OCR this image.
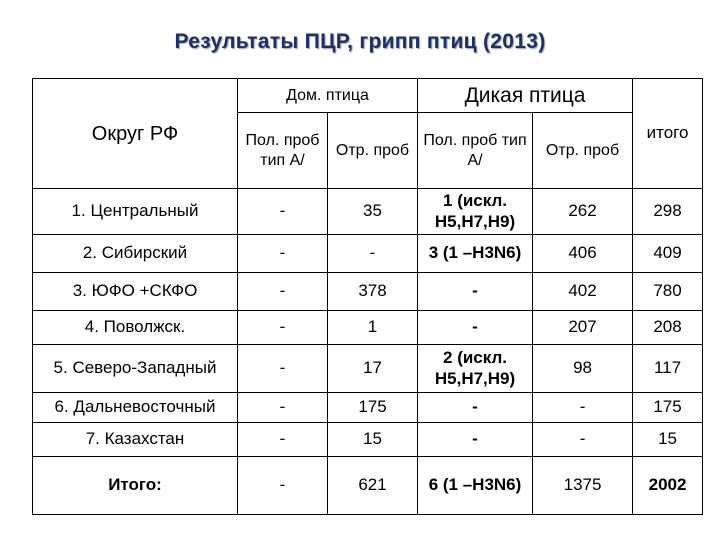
Результаты ПЦР, грипп птиц (2013)
Округ РФ	Дом. птица		Дикая птица		итого
	Пол. проб тип А/	Отр. проб	Пол. проб тип А/	Отр. проб	
1. Центральный	-	35	1 (искл. Н5,Н7,Н9)	262	298
2. Сибирский	-	-	3 (1 –Н3N6)	406	409
3. ЮФО +СКФО	-	378	-	402	780
4. Поволжск.	-	1	-	207	208
5. Северо-Западный	-	17	2 (искл. Н5,Н7,Н9)	98	117
6. Дальневосточный	-	175	-	-	175
7. Казахстан	-	15	-	-	15
Итого:	-	621	6 (1 –Н3N6)	1375	2002
